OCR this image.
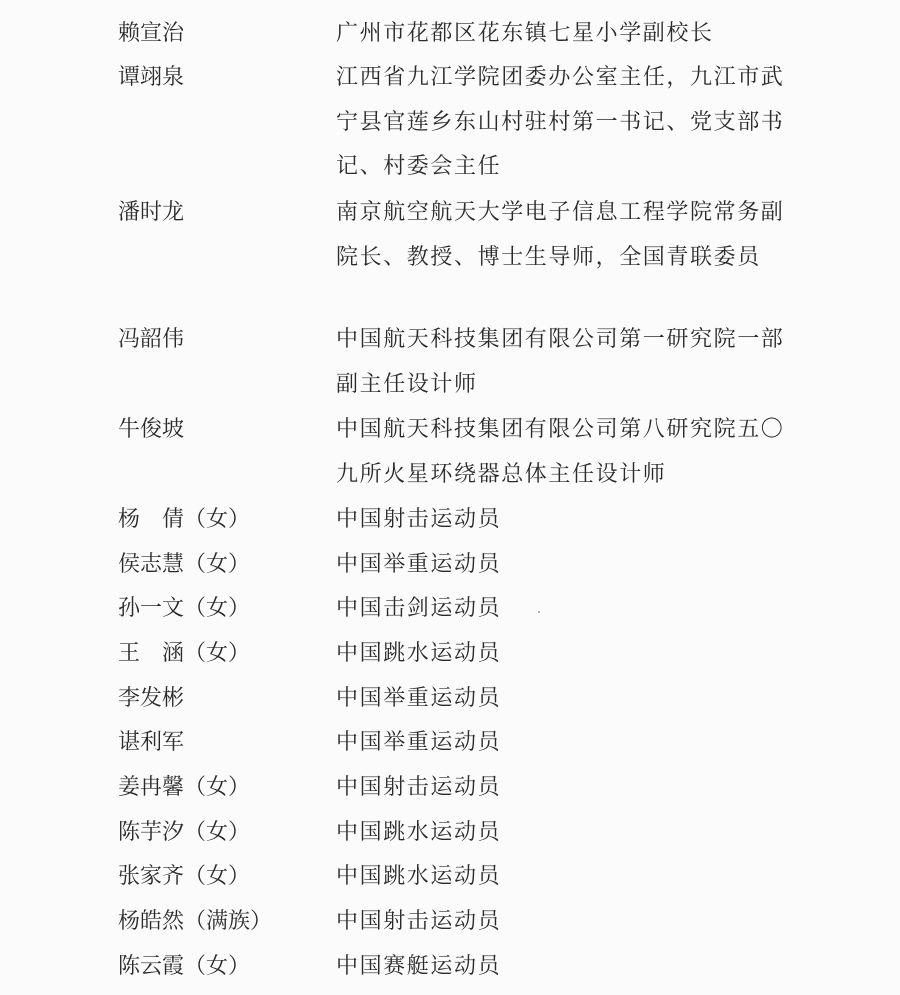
赖宣治	广州市花都区花东镇七星小学副校长
谭翊泉	江西省九江学院团委办公室主任，九江市武
宁县官莲乡东山村驻村第一书记、党支部书
记、村委会主任
潘时龙	南京航空航天大学电子信息工程学院常务副
院长、教授、博士生导师，全国青联委员
冯韶伟	中国航天科技集团有限公司第一研究院一部
副主任设计师
牛俊坡	中国航天科技集团有限公司第八研究院五〇
九所火星环绕器总体主任设计师
杨　倩（女）	中国射击运动员
侯志慧（女）	中国举重运动员
孙一文（女）	中国击剑运动员
王　涵（女）	中国跳水运动员
李发彬	中国举重运动员
谌利军	中国举重运动员
姜冉馨（女）	中国射击运动员
陈芋汐（女）	中国跳水运动员
张家齐（女）	中国跳水运动员
杨皓然（满族）	中国射击运动员
陈云霞（女）	中国赛艇运动员
